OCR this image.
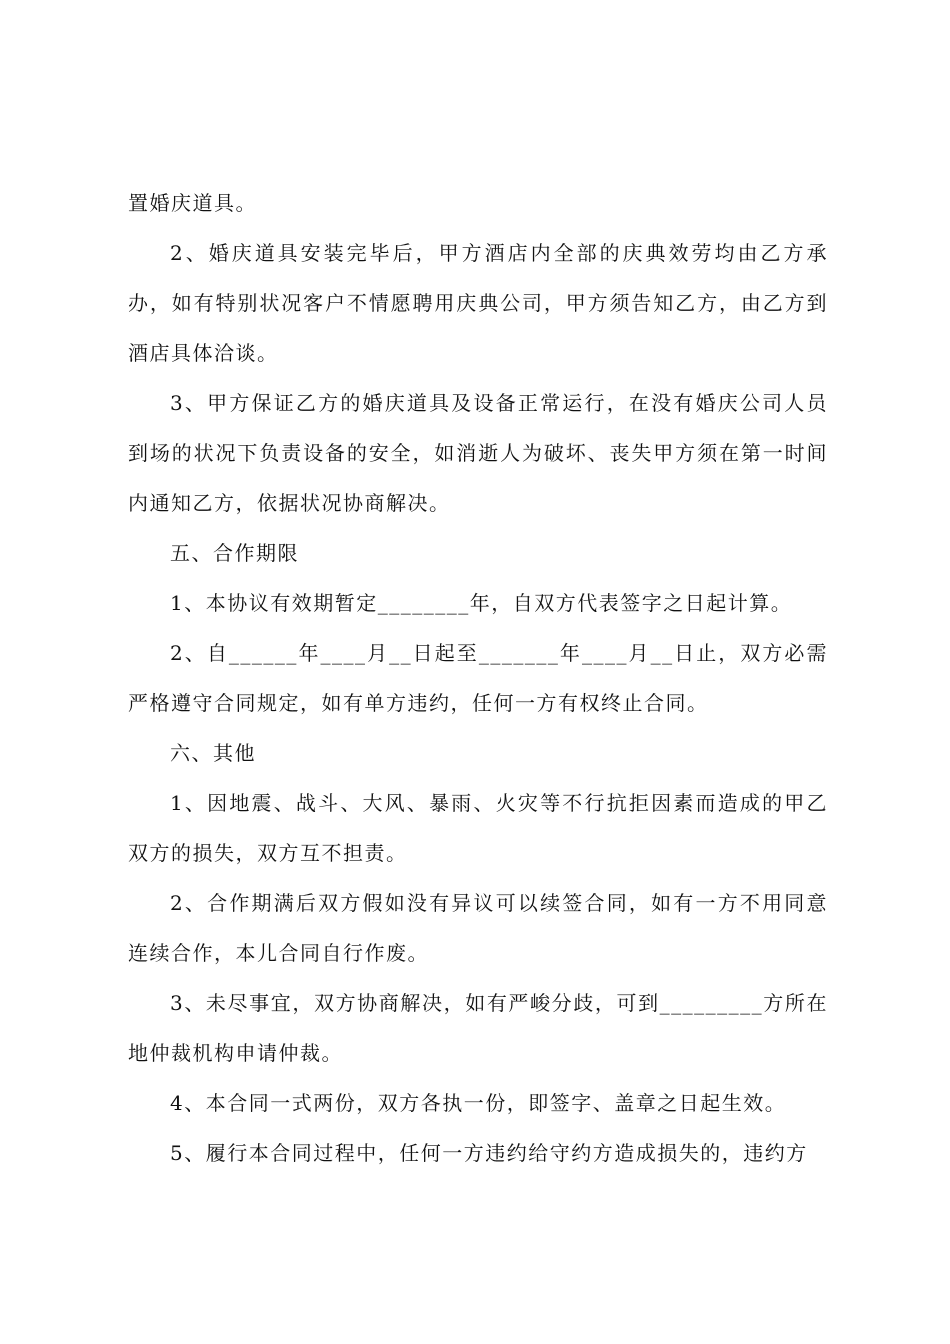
置婚庆道具。

2、婚庆道具安装完毕后，甲方酒店内全部的庆典效劳均由乙方承办，如有特别状况客户不情愿聘用庆典公司，甲方须告知乙方，由乙方到酒店具体洽谈。

3、甲方保证乙方的婚庆道具及设备正常运行，在没有婚庆公司人员到场的状况下负责设备的安全，如消逝人为破坏、丧失甲方须在第一时间内通知乙方，依据状况协商解决。

五、合作期限

1、本协议有效期暂定________年，自双方代表签字之日起计算。

2、自______年____月__日起至_______年____月__日止，双方必需严格遵守合同规定，如有单方违约，任何一方有权终止合同。

六、其他

1、因地震、战斗、大风、暴雨、火灾等不行抗拒因素而造成的甲乙双方的损失，双方互不担责。

2、合作期满后双方假如没有异议可以续签合同，如有一方不用同意连续合作，本儿合同自行作废。

3、未尽事宜，双方协商解决，如有严峻分歧，可到_________方所在地仲裁机构申请仲裁。

4、本合同一式两份，双方各执一份，即签字、盖章之日起生效。

5、履行本合同过程中，任何一方违约给守约方造成损失的，违约方
